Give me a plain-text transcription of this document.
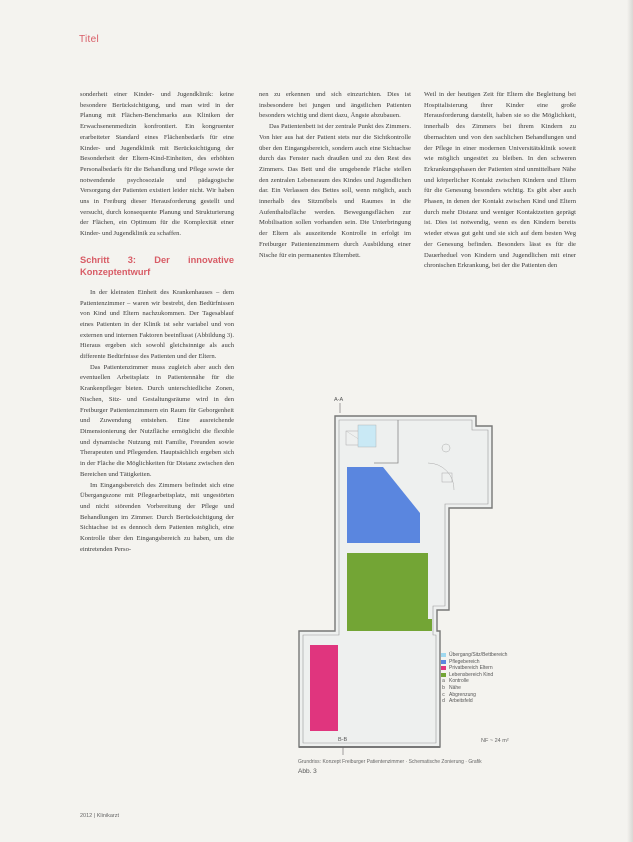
Titel

sonderheit einer Kinder- und Jugendklinik: keine besondere Berücksichtigung, und man wird in der Planung mit Flächen-Benchmarks aus Kliniken der Erwachsenenmedizin konfrontiert. Ein kongruenter erarbeiteter Standard eines Flächenbedarfs für eine Kinder- und Jugendklinik mit Berücksichtigung der Besonderheit der Eltern-Kind-Einheiten, des erhöhten Personalbedarfs für die Behandlung und Pflege sowie der notwendende psychosoziale und pädagogische Versorgung der Patienten existiert leider nicht. Wir haben uns in Freiburg dieser Herausforderung gestellt und versucht, durch konsequente Planung und Strukturierung der Flächen, ein Optimum für die Komplexität einer Kinder- und Jugendklinik zu schaffen.

Schritt 3: Der innovative Konzeptentwurf

In der kleinsten Einheit des Krankenhauses – dem Patientenzimmer – waren wir bestrebt, den Bedürfnissen von Kind und Eltern nachzukommen. Der Tagesablauf eines Patienten in der Klinik ist sehr variabel und von externen und internen Faktoren beeinflusst (Abbildung 3). Hieraus ergeben sich sowohl gleichsinnige als auch differente Bedürfnisse des Patienten und der Eltern.

Das Patientenzimmer muss zugleich aber auch den eventuellen Arbeitsplatz in Patientennähe für die Krankenpfleger bieten. Durch unterschiedliche Zonen, Nischen, Sitz- und Gestaltungsräume wird in den Freiburger Patientenzimmern ein Raum für Geborgenheit und Zuwendung entstehen. Eine ausreichende Dimensionierung der Nutzfläche ermöglicht die flexible und dynamische Nutzung mit Familie, Freunden sowie Therapeuten und Pflegenden. Hauptsächlich ergeben sich in der Fläche die Möglichkeiten für Distanz zwischen den Bereichen und Tätigkeiten.

Im Eingangsbereich des Zimmers befindet sich eine Übergangszone mit Pflegearbeitsplatz, mit ungestörten und nicht störenden Vorbereitung der Pflege und Behandlungen im Zimmer. Durch Berücksichtigung der Sichtachse ist es dennoch dem Patienten möglich, eine Kontrolle über den Eingangsbereich zu haben, um die eintretenden Perso-

nen zu erkennen und sich einzurichten. Dies ist insbesondere bei jungen und ängstlichen Patienten besonders wichtig und dient dazu, Ängste abzubauen.

Das Patientenbett ist der zentrale Punkt des Zimmers. Von hier aus hat der Patient stets nur die Sichtkontrolle über den Eingangsbereich, sondern auch eine Sichtachse durch das Fenster nach draußen und zu den Rest des Zimmers. Das Bett und die umgebende Fläche stellen den zentralen Lebensraum des Kindes und Jugendlichen dar. Ein Verlassen des Bettes soll, wenn möglich, auch innerhalb des Sitzmöbels und Raumes in die Aufenthaltsfläche werden. Bewegungsflächen zur Mobilisation sollen vorhanden sein. Die Unterbringung der Eltern als auszeitende Kontrolle in erfolgt im Freiburger Patientenzimmern durch Ausbildung einer Nische für ein permanentes Elternbett.

Weil in der heutigen Zeit für Eltern die Begleitung bei Hospitalisierung ihrer Kinder eine große Herausforderung darstellt, haben sie so die Möglichkeit, innerhalb des Zimmers bei ihrem Kindern zu übernachten und von den sachlichen Behandlungen und der Pflege in einer modernen Universitätsklinik soweit wie möglich ungestört zu bleiben. In den schweren Erkrankungsphasen der Patienten sind unmittelbare Nähe und körperlicher Kontakt zwischen Kindern und Eltern für die Genesung besonders wichtig. Es gibt aber auch Phasen, in denen der Kontakt zwischen Kind und Eltern durch mehr Distanz und weniger Kontaktzeiten geprägt ist. Dies ist notwendig, wenn es den Kindern bereits wieder etwas gut geht und sie sich auf dem besten Weg der Genesung befinden. Besonders lässt es für die Dauerheduel von Kindern und Jugendlichen mit einer chronischen Erkrankung, bei der die Patienten den

A-A
B-B
Übergang/Sitz/Bettbereich
Pflegebereich
Privatbereich Eltern
Lebensbereich Kind
a Kontrolle
b Nähe
c Abgrenzung
d Arbeitsfeld
NF ~ 24 m²
Grundriss: Konzept Freiburger Patientenzimmer · Schematische Zonierung · Grafik
Abb. 3
2012 | Klinikarzt
